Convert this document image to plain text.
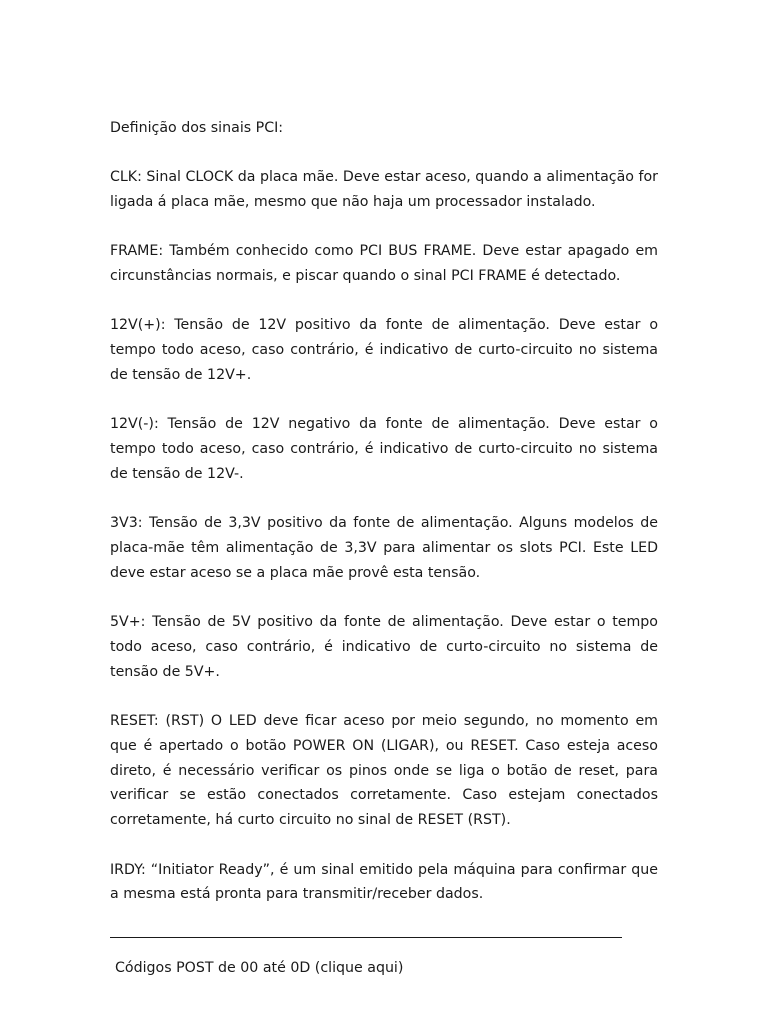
Definição dos sinais PCI:

CLK: Sinal CLOCK da placa mãe. Deve estar aceso, quando a alimentação for ligada á placa mãe, mesmo que não haja um processador instalado.

FRAME: Também conhecido como PCI BUS FRAME. Deve estar apagado em circunstâncias normais, e piscar quando o sinal PCI FRAME é detectado.

12V(+): Tensão de 12V positivo da fonte de alimentação. Deve estar o tempo todo aceso, caso contrário, é indicativo de curto-circuito no sistema de tensão de 12V+.

12V(-): Tensão de 12V negativo da fonte de alimentação. Deve estar o tempo todo aceso, caso contrário, é indicativo de curto-circuito no sistema de tensão de 12V-.

3V3: Tensão de 3,3V positivo da fonte de alimentação. Alguns modelos de placa-mãe têm alimentação de 3,3V para alimentar os slots PCI. Este LED deve estar aceso se a placa mãe provê esta tensão.

5V+: Tensão de 5V positivo da fonte de alimentação. Deve estar o tempo todo aceso, caso contrário, é indicativo de curto-circuito no sistema de tensão de 5V+.

RESET: (RST) O LED deve ficar aceso por meio segundo, no momento em que é apertado o botão POWER ON (LIGAR), ou RESET. Caso esteja aceso direto, é necessário verificar os pinos onde se liga o botão de reset, para verificar se estão conectados corretamente. Caso estejam conectados corretamente, há curto circuito no sinal de RESET (RST).

IRDY: “Initiator Ready”, é um sinal emitido pela máquina para confirmar que a mesma está pronta para transmitir/receber dados.

Códigos POST de 00 até 0D (clique aqui)
